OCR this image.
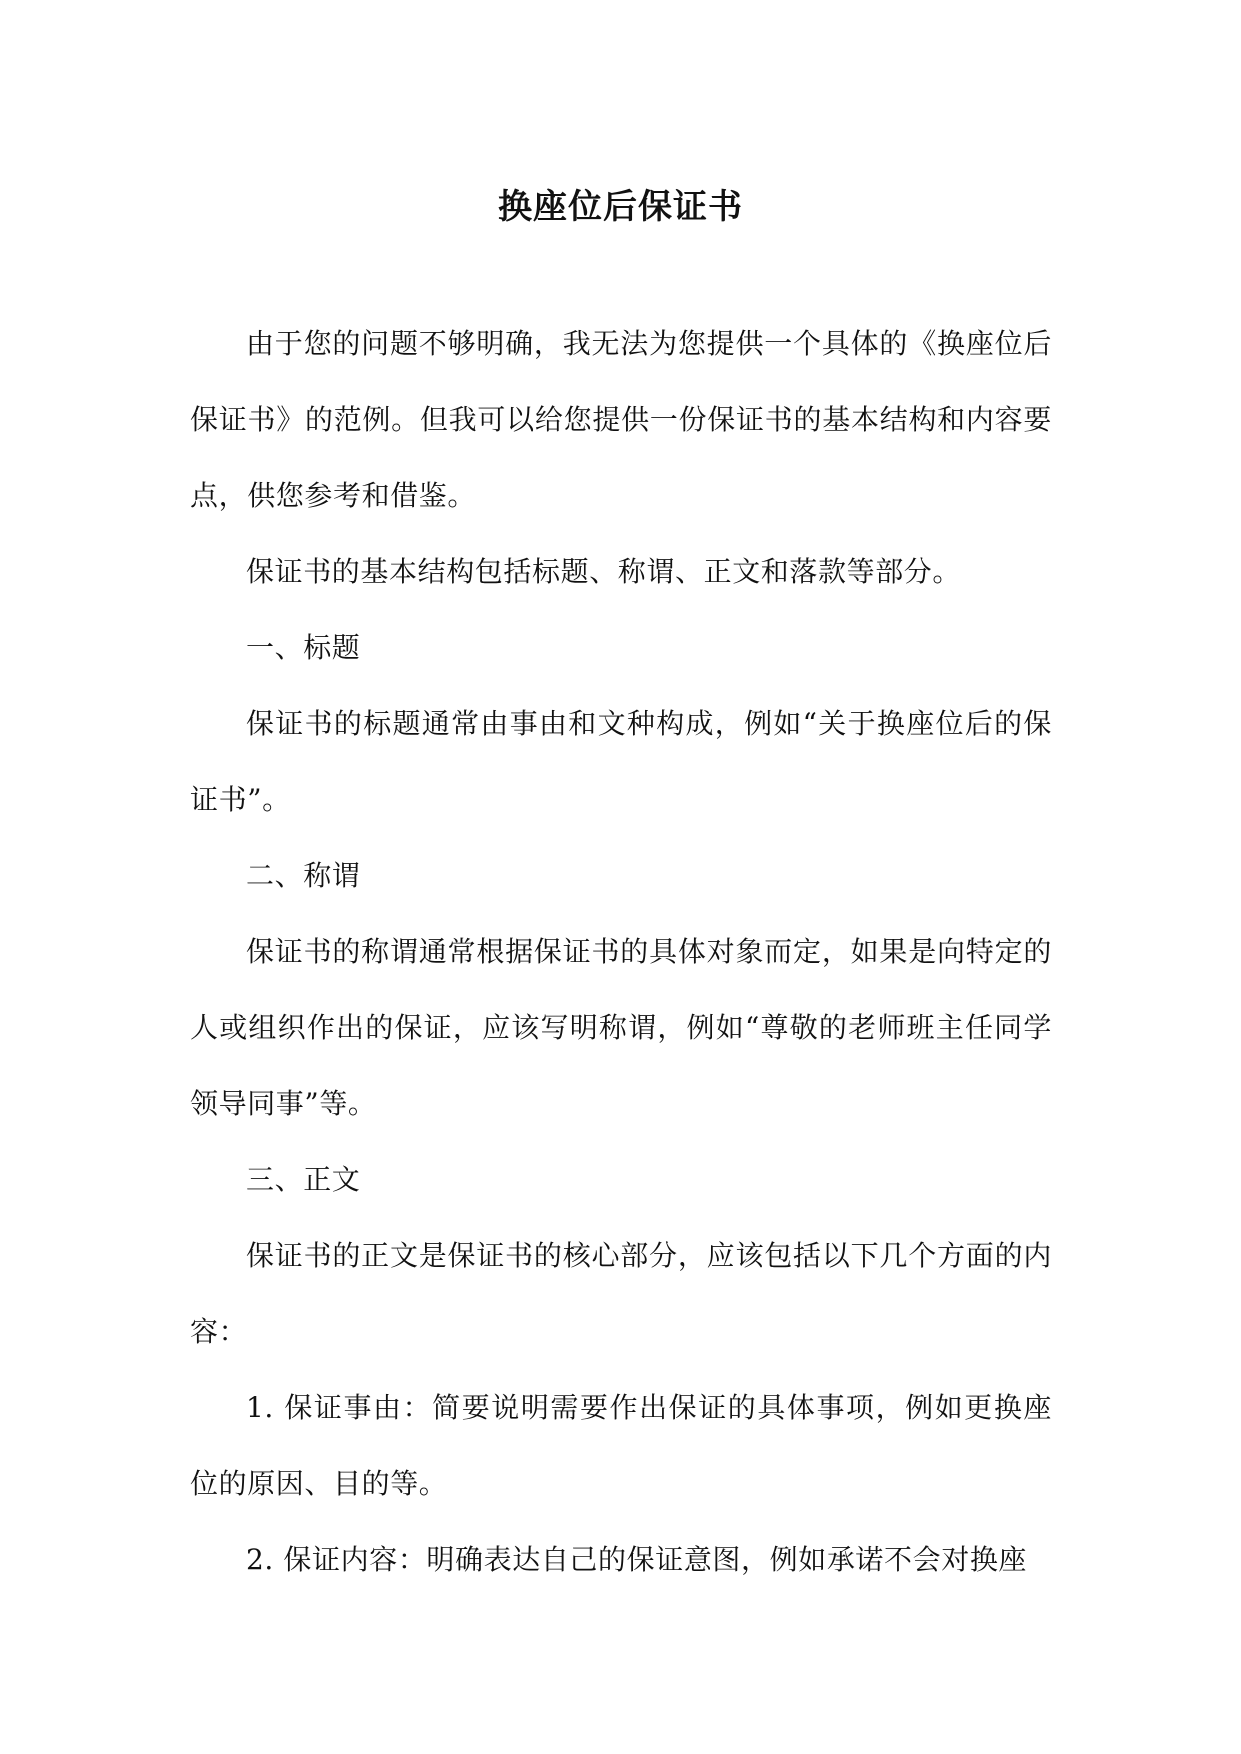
换座位后保证书

由于您的问题不够明确，我无法为您提供一个具体的《换座位后保证书》的范例。但我可以给您提供一份保证书的基本结构和内容要点，供您参考和借鉴。

保证书的基本结构包括标题、称谓、正文和落款等部分。

一、标题

保证书的标题通常由事由和文种构成，例如“关于换座位后的保证书”。

二、称谓

保证书的称谓通常根据保证书的具体对象而定，如果是向特定的人或组织作出的保证，应该写明称谓，例如“尊敬的老师班主任同学领导同事”等。

三、正文

保证书的正文是保证书的核心部分，应该包括以下几个方面的内容：

1. 保证事由：简要说明需要作出保证的具体事项，例如更换座位的原因、目的等。

2. 保证内容：明确表达自己的保证意图，例如承诺不会对换座
